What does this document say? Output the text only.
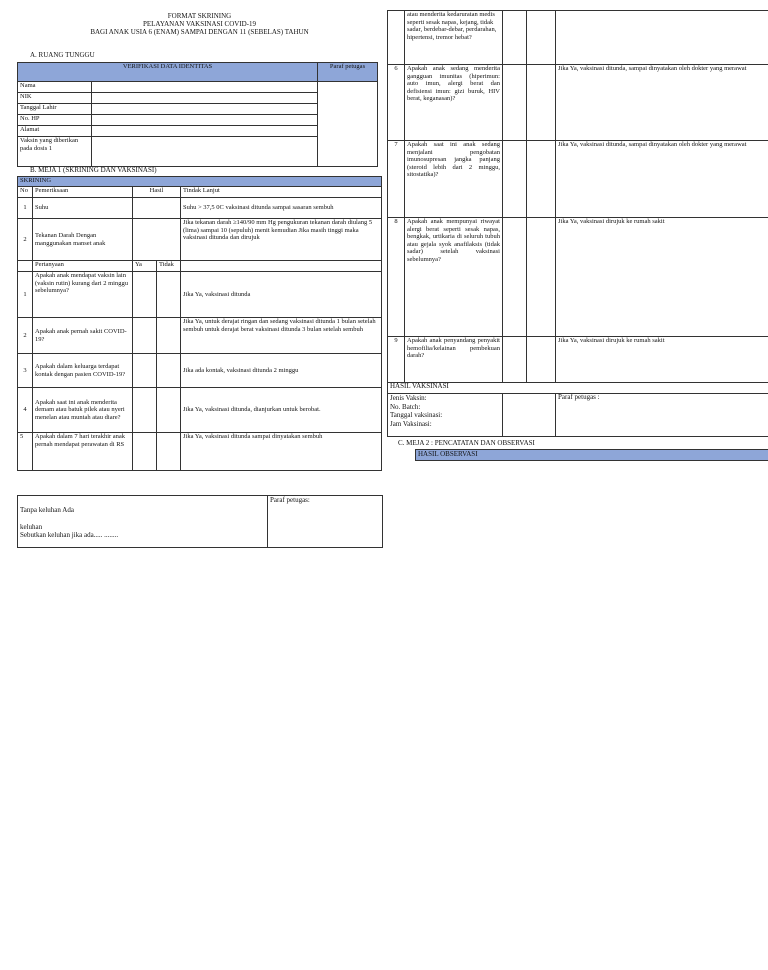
FORMAT SKRINING
PELAYANAN VAKSINASI COVID-19
BAGI ANAK USIA 6 (ENAM) SAMPAI DENGAN 11 (SEBELAS) TAHUN
A. RUANG TUNGGU
VERIFIKASI DATA IDENTITAS		Paraf petugas
Nama		
NIK		
Tanggal Lahir		
No. HP		
Alamat		
Vaksin yang diberikan pada dosis 1		
B. MEJA 1 (SKRINING DAN VAKSINASI)
SKRINING				
No	Pemeriksaan	Hasil		Tindak Lanjut
1	Suhu			Suhu > 37,5 0C vaksinasi ditunda sampai sasaran sembuh
2	Tekanan Darah Dengan manggunakan manset anak			Jika tekanan darah ≥140/90 mm Hg pengukuran tekanan darah diulang 5 (lima) sampai 10 (sepuluh) menit kemudian Jika masih tinggi maka vaksinasi ditunda dan dirujuk
	Pertanyaan	Ya	Tidak	
1	Apakah anak mendapat vaksin lain (vaksin rutin) kurang dari 2 minggu sebelumnya?			Jika Ya, vaksinasi ditunda
2	Apakah anak pernah sakit COVID- 19?			Jika Ya, untuk derajat ringan dan sedang vaksinasi ditunda 1 bulan setelah sembuh untuk derajat berat vaksinasi ditunda 3 bulan setelah sembuh
3	Apakah dalam keluarga terdapat kontak dengan pasien COVID-19?			Jika ada kontak, vaksinasi ditunda 2 minggu
4	Apakah saat ini anak menderita demam atau batuk pilek atau nyeri menelan atau muntah atau diare?			Jika Ya, vaksinasi ditunda, dianjurkan untuk berobat.
5	Apakah dalam 7 hari terakhir anak pernah mendapat perawatan di RS			Jika Ya, vaksinasi ditunda sampai dinyatakan sembuh
Tanpa keluhan Ada
keluhan
Sebutkan keluhan jika ada..... ........
	Paraf petugas:
	atau menderita kedaruratan medis seperti sesak napas, kejang, tidak sadar, berdebar-debar, perdarahan, hipertensi, tremor hebat?			
6	Apakah anak sedang menderita gangguan imunitas (hiperimun: auto imun, alergi berat dan defisiensi imun: gizi buruk, HIV berat, keganasan)?			Jika Ya, vaksinasi ditunda, sampai dinyatakan oleh dokter yang merawat
7	Apakah saat ini anak sedang menjalani pengobatan imunosupresan jangka panjang (steroid lebih dari 2 minggu, sitostatika)?			Jika Ya, vaksinasi ditunda, sampai dinyatakan oleh dokter yang merawat
8	Apakah anak mempunyai riwayat alergi berat seperti sesak napas, bengkak, urtikaria di seluruh tubuh atau gejala syok anafilaksis (tidak sadar) setelah vaksinasi sebelumnya?			Jika Ya, vaksinasi dirujuk ke rumah sakit
9	Apakah anak penyandang penyakit hemofilia/kelainan pembekuan darah?			Jika Ya, vaksinasi dirujuk ke rumah sakit
HASIL VAKSINASI				

Jenis Vaksin:
No. Batch:
Tanggal vaksinasi:
Jam Vaksinasi:				Paraf petugas :
C. MEJA 2 : PENCATATAN DAN OBSERVASI
HASIL OBSERVASI
